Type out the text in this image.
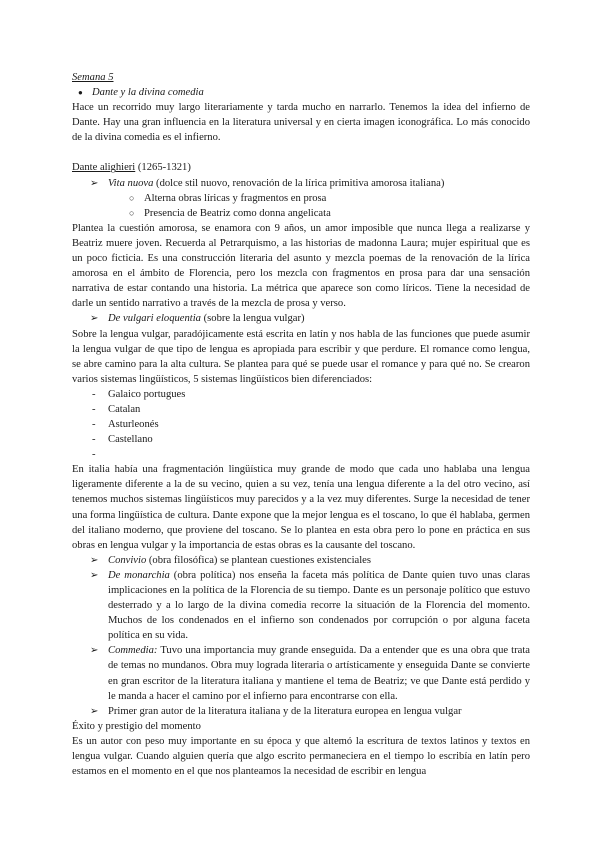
Semana 5

● Dante y la divina comedia

Hace un recorrido muy largo literariamente y tarda mucho en narrarlo. Tenemos la idea del infierno de Dante. Hay una gran influencia en la literatura universal y en cierta imagen iconográfica. Lo más conocido de la divina comedia es el infierno.

Dante alighieri (1265-1321)

➢ Vita nuova (dolce stil nuovo, renovación de la lírica primitiva amorosa italiana)
○ Alterna obras líricas y fragmentos en prosa
○ Presencia de Beatriz como donna angelicata

Plantea la cuestión amorosa, se enamora con 9 años, un amor imposible que nunca llega a realizarse y Beatriz muere joven. Recuerda al Petrarquismo, a las historias de madonna Laura; mujer espiritual que es un poco ficticia. Es una construcción literaria del asunto y mezcla poemas de la renovación de la lírica amorosa en el ámbito de Florencia, pero los mezcla con fragmentos en prosa para dar una sensación narrativa de estar contando una historia. La métrica que aparece son como líricos. Tiene la necesidad de darle un sentido narrativo a través de la mezcla de prosa y verso.

➢ De vulgari eloquentia (sobre la lengua vulgar)

Sobre la lengua vulgar, paradójicamente está escrita en latín y nos habla de las funciones que puede asumir la lengua vulgar de que tipo de lengua es apropiada para escribir y que perdure. El romance como lengua, se abre camino para la alta cultura. Se plantea para qué se puede usar el romance y para qué no. Se crearon varios sistemas lingüísticos, 5 sistemas lingüísticos bien diferenciados:

- Galaico portugues
- Catalan
- Asturleonés
- Castellano
-

En italia había una fragmentación lingüística muy grande de modo que cada uno hablaba una lengua ligeramente diferente a la de su vecino, quien a su vez, tenía una lengua diferente a la del otro vecino, así tenemos muchos sistemas lingüísticos muy parecidos y a la vez muy diferentes. Surge la necesidad de tener una forma lingüística de cultura. Dante expone que la mejor lengua es el toscano, lo que él hablaba, germen del italiano moderno, que proviene del toscano. Se lo plantea en esta obra pero lo pone en práctica en sus obras en lengua vulgar y la importancia de estas obras es la causante del toscano.

➢ Convivio (obra filosófica) se plantean cuestiones existenciales
➢ De monarchia (obra política) nos enseña la faceta más política de Dante quien tuvo unas claras implicaciones en la política de la Florencia de su tiempo. Dante es un personaje político que estuvo desterrado y a lo largo de la divina comedia recorre la situación de la Florencia del momento. Muchos de los condenados en el infierno son condenados por corrupción o por alguna faceta política en su vida.
➢ Commedia: Tuvo una importancia muy grande enseguida. Da a entender que es una obra que trata de temas no mundanos. Obra muy lograda literaria o artísticamente y enseguida Dante se convierte en gran escritor de la literatura italiana y mantiene el tema de Beatriz; ve que Dante está perdido y le manda a hacer el camino por el infierno para encontrarse con ella.
➢ Primer gran autor de la literatura italiana y de la literatura europea en lengua vulgar

Éxito y prestigio del momento

Es un autor con peso muy importante en su época y que altemó la escritura de textos latinos y textos en lengua vulgar. Cuando alguien quería que algo escrito permaneciera en el tiempo lo escribía en latín pero estamos en el momento en el que nos planteamos la necesidad de escribir en lengua
